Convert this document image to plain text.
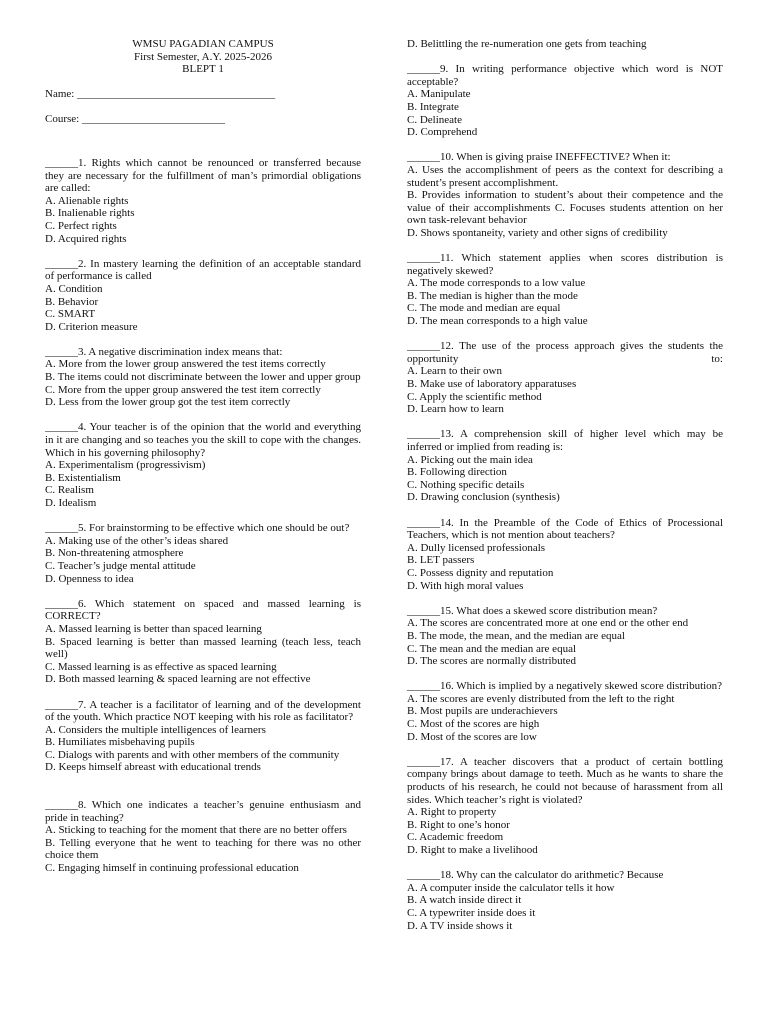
WMSU PAGADIAN CAMPUS
First Semester, A.Y. 2025-2026
BLEPT 1
Name: ____________________________________
Course: __________________________
______1. Rights which cannot be renounced or transferred because they are necessary for the fulfillment of man’s primordial obligations are called:
A. Alienable rights
B. Inalienable rights
C. Perfect rights
D. Acquired rights
______2. In mastery learning the definition of an acceptable standard of performance is called
A. Condition
B. Behavior
C. SMART
D. Criterion measure
______3. A negative discrimination index means that:
A. More from the lower group answered the test items correctly
B. The items could not discriminate between the lower and upper group
C. More from the upper group answered the test item correctly
D. Less from the lower group got the test item correctly
______4. Your teacher is of the opinion that the world and everything in it are changing and so teaches you the skill to cope with the changes. Which in his governing philosophy?
A. Experimentalism (progressivism)
B. Existentialism
C. Realism
D. Idealism
______5. For brainstorming to be effective which one should be out?
A. Making use of the other’s ideas shared
B. Non-threatening atmosphere
C. Teacher’s judge mental attitude
D. Openness to idea
______6. Which statement on spaced and massed learning is CORRECT?
A. Massed learning is better than spaced learning
B. Spaced learning is better than massed learning (teach less, teach well)
C. Massed learning is as effective as spaced learning
D. Both massed learning & spaced learning are not effective
______7. A teacher is a facilitator of learning and of the development of the youth. Which practice NOT keeping with his role as facilitator?
A. Considers the multiple intelligences of learners
B. Humiliates misbehaving pupils
C. Dialogs with parents and with other members of the community
D. Keeps himself abreast with educational trends
______8. Which one indicates a teacher’s genuine enthusiasm and pride in teaching?
A. Sticking to teaching for the moment that there are no better offers
B. Telling everyone that he went to teaching for there was no other choice them
C. Engaging himself in continuing professional education
D. Belittling the re-numeration one gets from teaching
______9. In writing performance objective which word is NOT acceptable?
A. Manipulate
B. Integrate
C. Delineate
D. Comprehend
______10. When is giving praise INEFFECTIVE? When it:
A. Uses the accomplishment of peers as the context for describing a student’s present accomplishment.
B. Provides information to student’s about their competence and the value of their accomplishments C. Focuses students attention on her own task-relevant behavior
D. Shows spontaneity, variety and other signs of credibility
______11. Which statement applies when scores distribution is negatively skewed?
A. The mode corresponds to a low value
B. The median is higher than the mode
C. The mode and median are equal
D. The mean corresponds to a high value
______12. The use of the process approach gives the students the opportunity to:
A. Learn to their own
B. Make use of laboratory apparatuses
C. Apply the scientific method
D. Learn how to learn
______13. A comprehension skill of higher level which may be inferred or implied from reading is:
A. Picking out the main idea
B. Following direction
C. Nothing specific details
D. Drawing conclusion (synthesis)
______14. In the Preamble of the Code of Ethics of Processional Teachers, which is not mention about teachers?
A. Dully licensed professionals
B. LET passers
C. Possess dignity and reputation
D. With high moral values
______15. What does a skewed score distribution mean?
A. The scores are concentrated more at one end or the other end
B. The mode, the mean, and the median are equal
C. The mean and the median are equal
D. The scores are normally distributed
______16. Which is implied by a negatively skewed score distribution?
A. The scores are evenly distributed from the left to the right
B. Most pupils are underachievers
C. Most of the scores are high
D. Most of the scores are low
______17. A teacher discovers that a product of certain bottling company brings about damage to teeth. Much as he wants to share the products of his research, he could not because of harassment from all sides. Which teacher’s right is violated?
A. Right to property
B. Right to one’s honor
C. Academic freedom
D. Right to make a livelihood
______18. Why can the calculator do arithmetic? Because
A. A computer inside the calculator tells it how
B. A watch inside direct it
C. A typewriter inside does it
D. A TV inside shows it
